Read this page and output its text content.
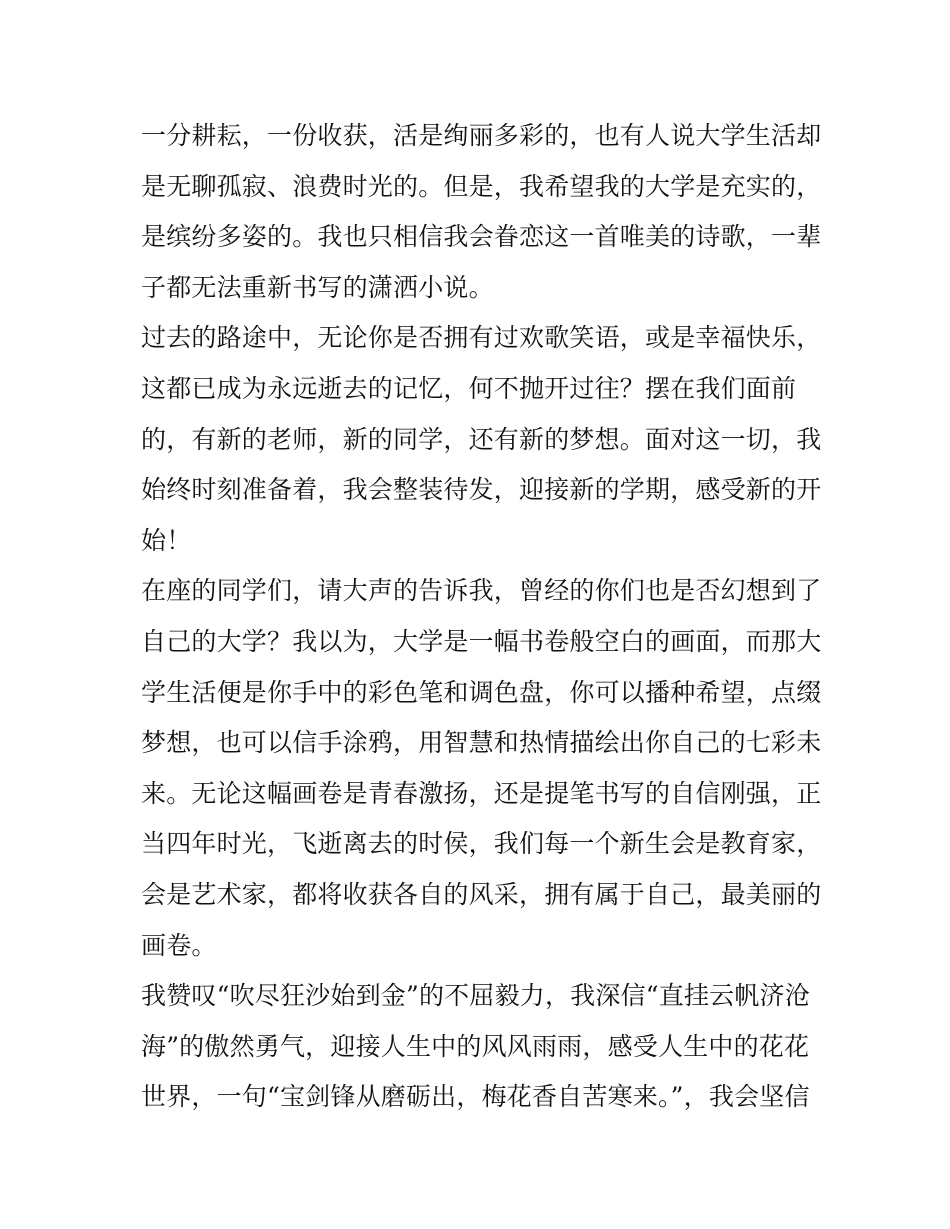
一分耕耘，一份收获，活是绚丽多彩的，也有人说大学生活却
是无聊孤寂、浪费时光的。但是，我希望我的大学是充实的，
是缤纷多姿的。我也只相信我会眷恋这一首唯美的诗歌，一辈
子都无法重新书写的潇洒小说。
过去的路途中，无论你是否拥有过欢歌笑语，或是幸福快乐，
这都已成为永远逝去的记忆，何不抛开过往？摆在我们面前
的，有新的老师，新的同学，还有新的梦想。面对这一切，我
始终时刻准备着，我会整装待发，迎接新的学期，感受新的开
始！
在座的同学们，请大声的告诉我，曾经的你们也是否幻想到了
自己的大学？我以为，大学是一幅书卷般空白的画面，而那大
学生活便是你手中的彩色笔和调色盘，你可以播种希望，点缀
梦想，也可以信手涂鸦，用智慧和热情描绘出你自己的七彩未
来。无论这幅画卷是青春激扬，还是提笔书写的自信刚强，正
当四年时光，飞逝离去的时侯，我们每一个新生会是教育家，
会是艺术家，都将收获各自的风采，拥有属于自己，最美丽的
画卷。
我赞叹“吹尽狂沙始到金”的不屈毅力，我深信“直挂云帆济沧
海”的傲然勇气，迎接人生中的风风雨雨，感受人生中的花花
世界，一句“宝剑锋从磨砺出，梅花香自苦寒来。”，我会坚信
